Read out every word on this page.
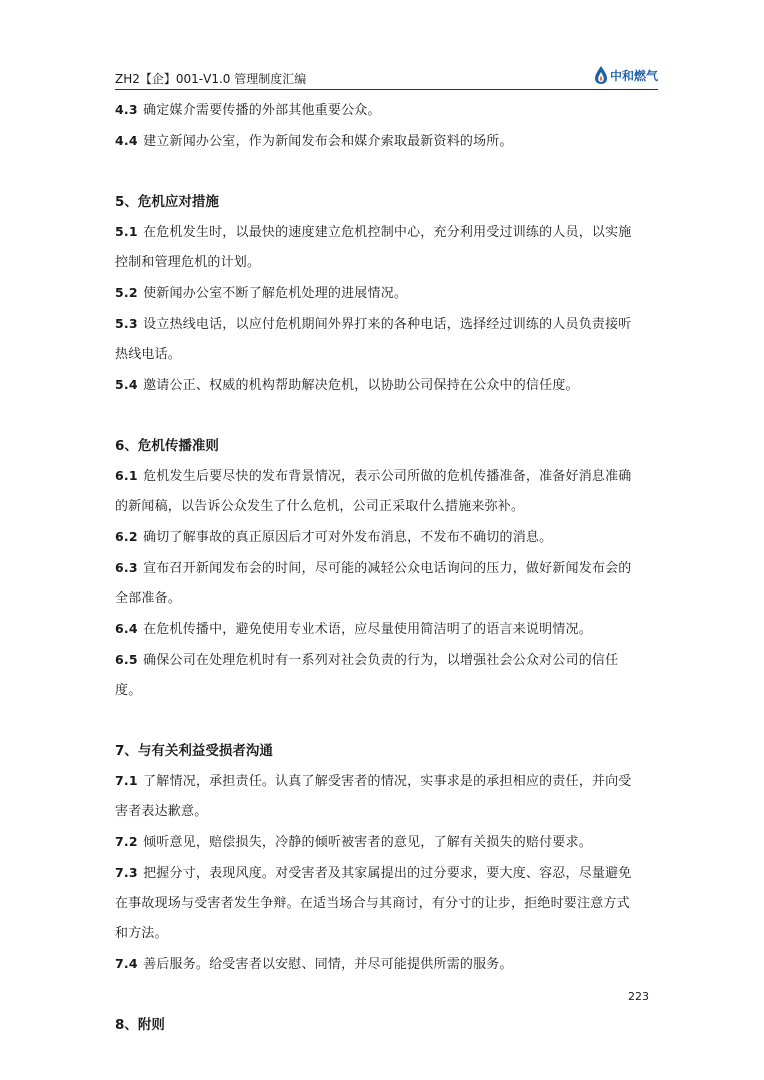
ZH2【企】001-V1.0 管理制度汇编	中和燃气

4.3 确定媒介需要传播的外部其他重要公众。

4.4 建立新闻办公室，作为新闻发布会和媒介索取最新资料的场所。

5、危机应对措施

5.1 在危机发生时，以最快的速度建立危机控制中心，充分利用受过训练的人员，以实施
控制和管理危机的计划。

5.2 使新闻办公室不断了解危机处理的进展情况。

5.3 设立热线电话，以应付危机期间外界打来的各种电话，选择经过训练的人员负责接听
热线电话。

5.4 邀请公正、权威的机构帮助解决危机，以协助公司保持在公众中的信任度。

6、危机传播准则

6.1 危机发生后要尽快的发布背景情况，表示公司所做的危机传播准备，准备好消息准确
的新闻稿，以告诉公众发生了什么危机，公司正采取什么措施来弥补。

6.2 确切了解事故的真正原因后才可对外发布消息，不发布不确切的消息。

6.3 宣布召开新闻发布会的时间，尽可能的减轻公众电话询问的压力，做好新闻发布会的
全部准备。

6.4 在危机传播中，避免使用专业术语，应尽量使用简洁明了的语言来说明情况。

6.5 确保公司在处理危机时有一系列对社会负责的行为，以增强社会公众对公司的信任度。

7、与有关利益受损者沟通

7.1 了解情况，承担责任。认真了解受害者的情况，实事求是的承担相应的责任，并向受
害者表达歉意。

7.2 倾听意见，赔偿损失，冷静的倾听被害者的意见，了解有关损失的赔付要求。

7.3 把握分寸，表现风度。对受害者及其家属提出的过分要求，要大度、容忍，尽量避免
在事故现场与受害者发生争辩。在适当场合与其商讨，有分寸的让步，拒绝时要注意方式
和方法。

7.4 善后服务。给受害者以安慰、同情，并尽可能提供所需的服务。

8、附则

223
